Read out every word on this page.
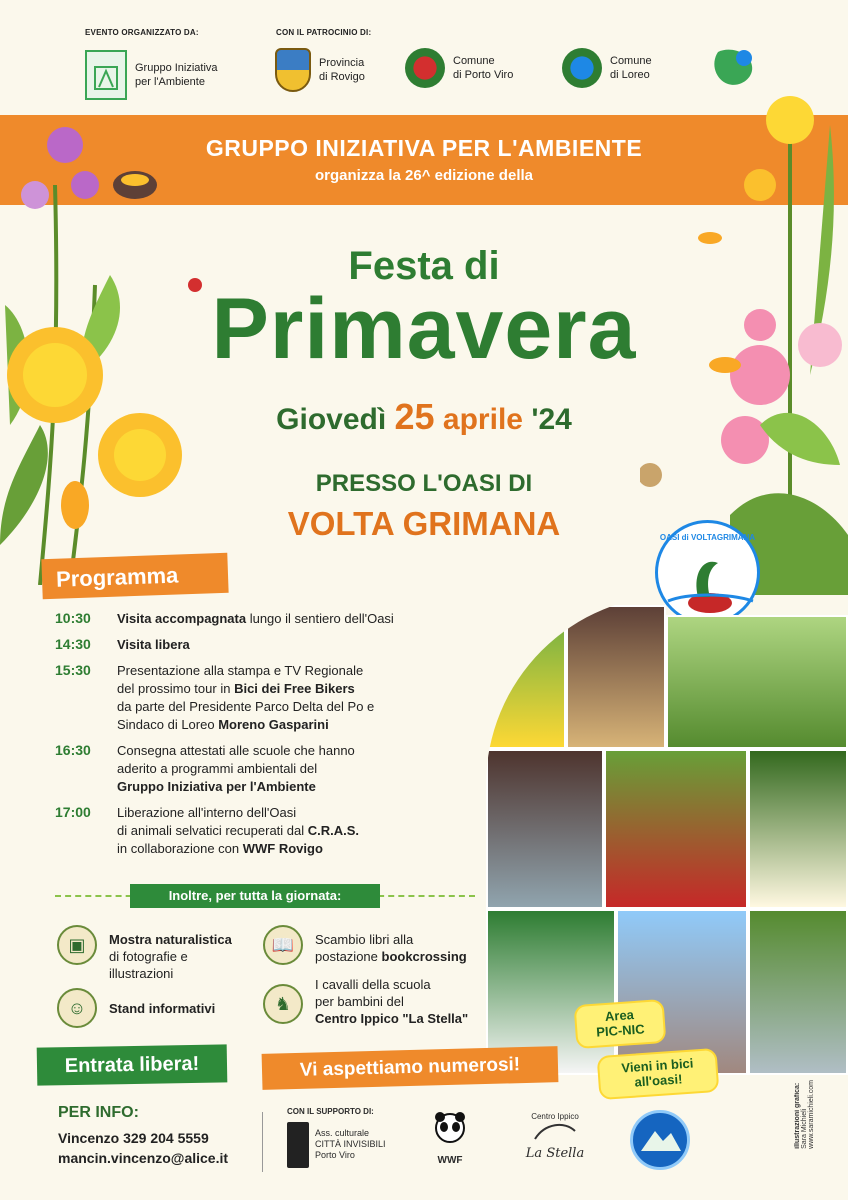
EVENTO ORGANIZZATO DA:	CON IL PATROCINIO DI:
Gruppo Iniziativa
per l'Ambiente
Provincia
di Rovigo
Comune
di Porto Viro
Comune
di Loreo
GRUPPO INIZIATIVA PER L'AMBIENTE
organizza la 26^ edizione della
Festa di
Primavera
Giovedì 25 aprile '24
PRESSO L'OASI DI
VOLTA GRIMANA	OASI di VOLTAGRIMANA
Programma
10:30	Visita accompagnata lungo il sentiero dell'Oasi
14:30	Visita libera
15:30	Presentazione alla stampa e TV Regionale
del prossimo tour in Bici dei Free Bikers
da parte del Presidente Parco Delta del Po e
Sindaco di Loreo Moreno Gasparini
16:30	Consegna attestati alle scuole che hanno
aderito a programmi ambientali del
Gruppo Iniziativa per l'Ambiente
17:00	Liberazione all'interno dell'Oasi
di animali selvatici recuperati dal C.R.A.S.
in collaborazione con WWF Rovigo
Inoltre, per tutta la giornata:
▣	Mostra naturalistica
di fotografie e
illustrazioni
📖	Scambio libri alla
postazione bookcrossing
☺	Stand informativi	♞
I cavalli della scuola
per bambini del
Centro Ippico "La Stella"	Area
PIC-NIC
Vieni in bici
all'oasi!
Entrata libera!	Vi aspettiamo numerosi!
PER INFO:
Vincenzo 329 204 5559
mancin.vincenzo@alice.it
CON IL SUPPORTO DI:
Ass. culturale
CITTÀ INVISIBILI
Porto Viro	WWF
Centro Ippico
La Stella
illustrazioni grafica: Sara Michieli www.saramichieli.com
